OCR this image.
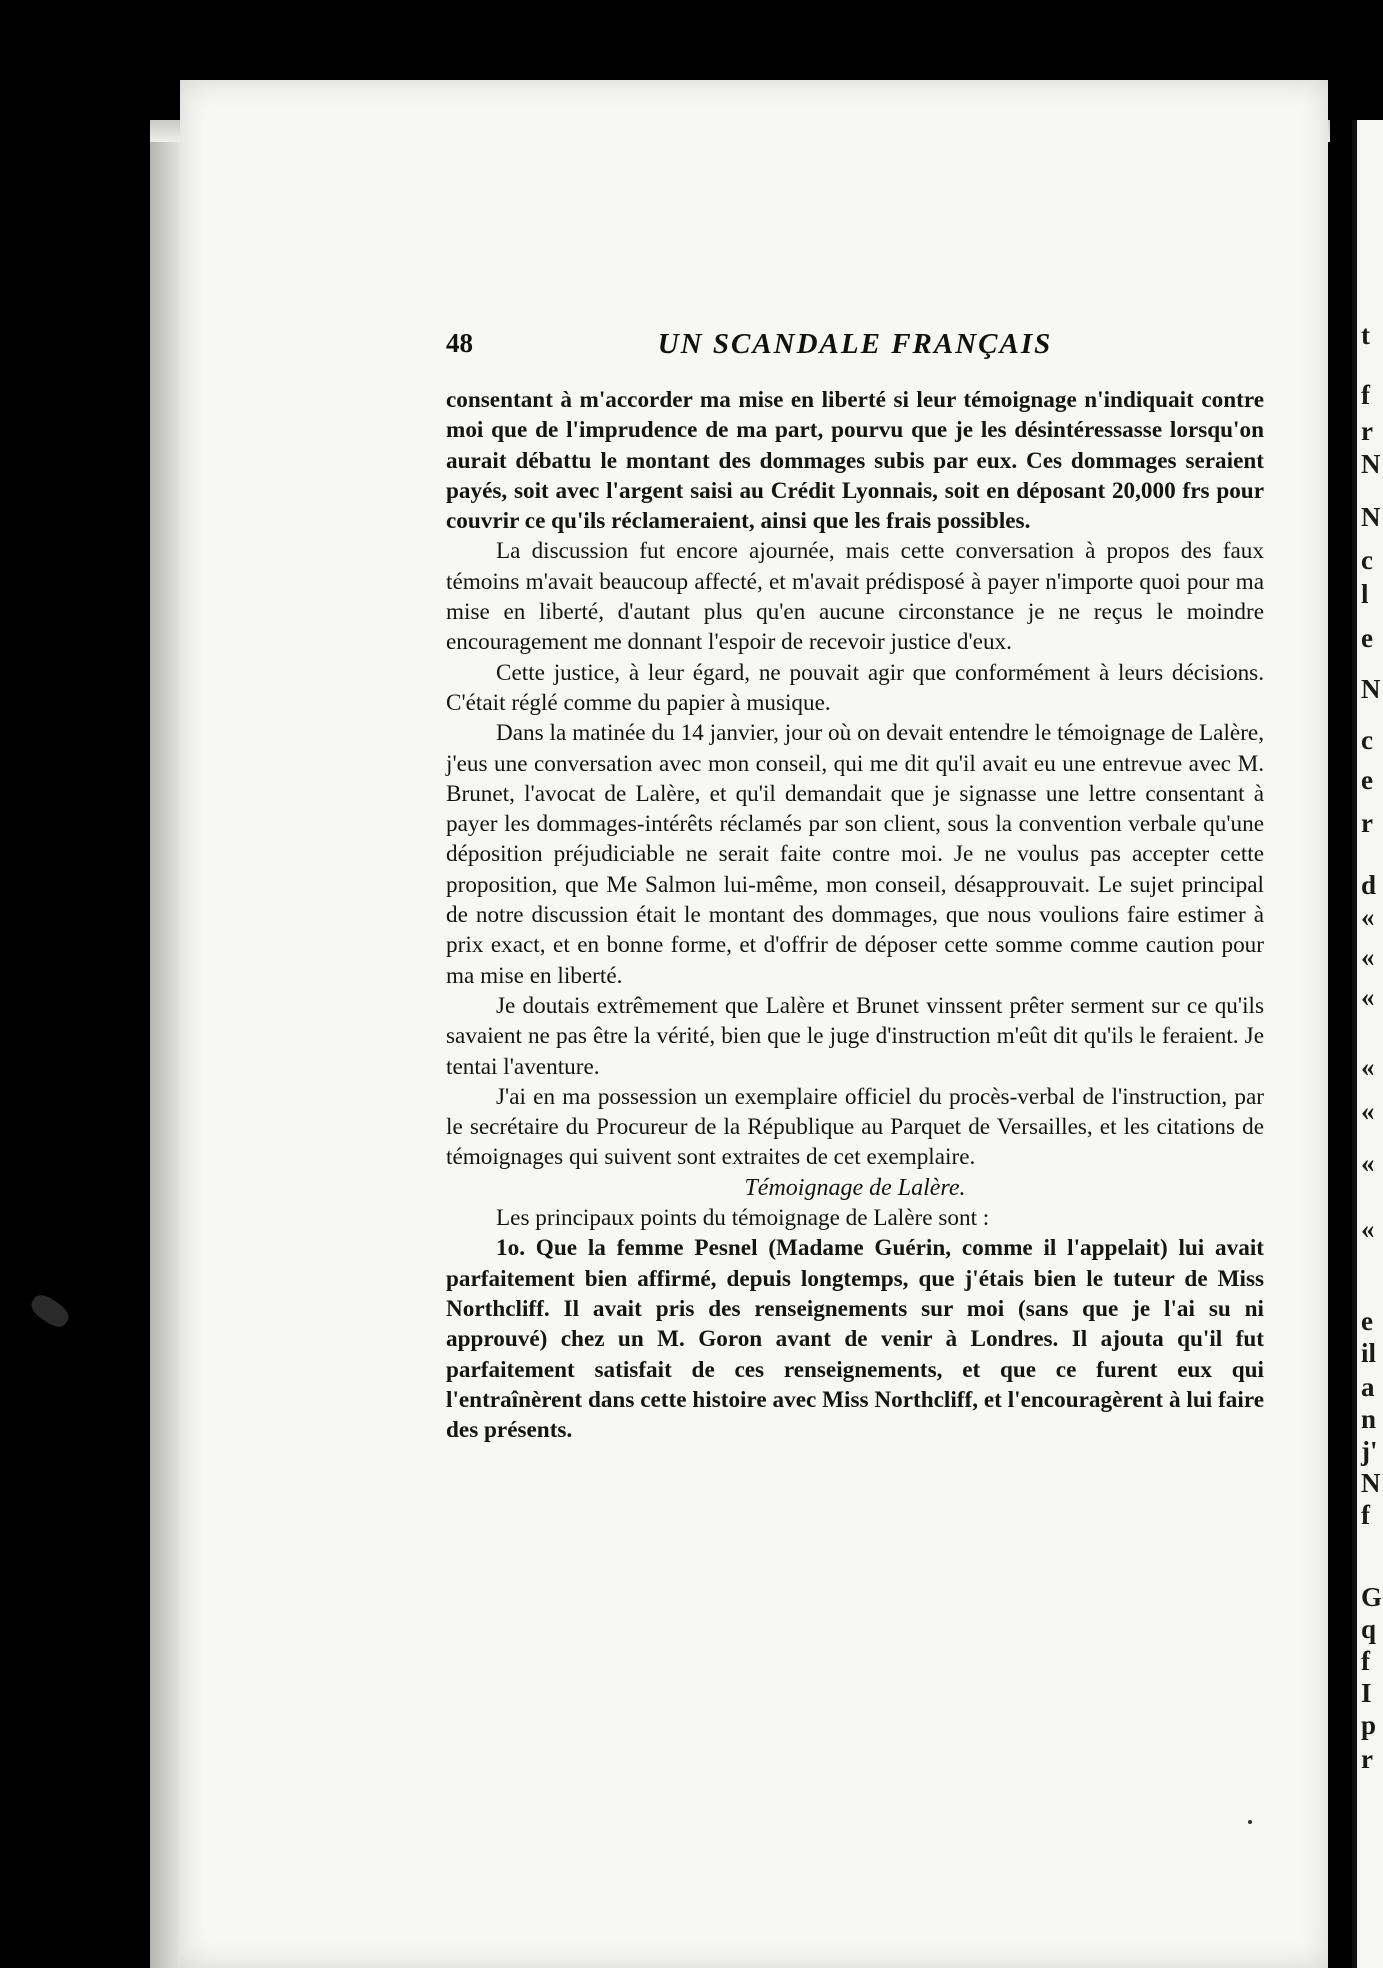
48	UN SCANDALE FRANÇAIS

consentant à m'accorder ma mise en liberté si leur témoignage n'indiquait contre moi que de l'imprudence de ma part, pourvu que je les désintéressasse lorsqu'on aurait débattu le montant des dommages subis par eux. Ces dommages seraient payés, soit avec l'argent saisi au Crédit Lyonnais, soit en déposant 20,000 frs pour couvrir ce qu'ils réclameraient, ainsi que les frais possibles.

La discussion fut encore ajournée, mais cette conversation à propos des faux témoins m'avait beaucoup affecté, et m'avait prédisposé à payer n'importe quoi pour ma mise en liberté, d'autant plus qu'en aucune circonstance je ne reçus le moindre encouragement me donnant l'espoir de recevoir justice d'eux.

Cette justice, à leur égard, ne pouvait agir que conformément à leurs décisions. C'était réglé comme du papier à musique.

Dans la matinée du 14 janvier, jour où on devait entendre le témoignage de Lalère, j'eus une conversation avec mon conseil, qui me dit qu'il avait eu une entrevue avec M. Brunet, l'avocat de Lalère, et qu'il demandait que je signasse une lettre consentant à payer les dommages-intérêts réclamés par son client, sous la convention verbale qu'une déposition préjudiciable ne serait faite contre moi. Je ne voulus pas accepter cette proposition, que Me Salmon lui-même, mon conseil, désapprouvait. Le sujet principal de notre discussion était le montant des dommages, que nous voulions faire estimer à prix exact, et en bonne forme, et d'offrir de déposer cette somme comme caution pour ma mise en liberté.

Je doutais extrêmement que Lalère et Brunet vinssent prêter serment sur ce qu'ils savaient ne pas être la vérité, bien que le juge d'instruction m'eût dit qu'ils le feraient. Je tentai l'aventure.

J'ai en ma possession un exemplaire officiel du procès-verbal de l'instruction, par le secrétaire du Procureur de la République au Parquet de Versailles, et les citations de témoignages qui suivent sont extraites de cet exemplaire.

Témoignage de Lalère.

Les principaux points du témoignage de Lalère sont :

1o. Que la femme Pesnel (Madame Guérin, comme il l'appelait) lui avait parfaitement bien affirmé, depuis longtemps, que j'étais bien le tuteur de Miss Northcliff. Il avait pris des renseignements sur moi (sans que je l'ai su ni approuvé) chez un M. Goron avant de venir à Londres. Il ajouta qu'il fut parfaitement satisfait de ces renseignements, et que ce furent eux qui l'entraînèrent dans cette histoire avec Miss Northcliff, et l'encouragèrent à lui faire des présents.

t
f
r
N
N
c
l
e
N
c
e
r
d
«
«
«
«
«
«
«
e
il
a
n
j'
N
f
G
q
f
I
p
r
